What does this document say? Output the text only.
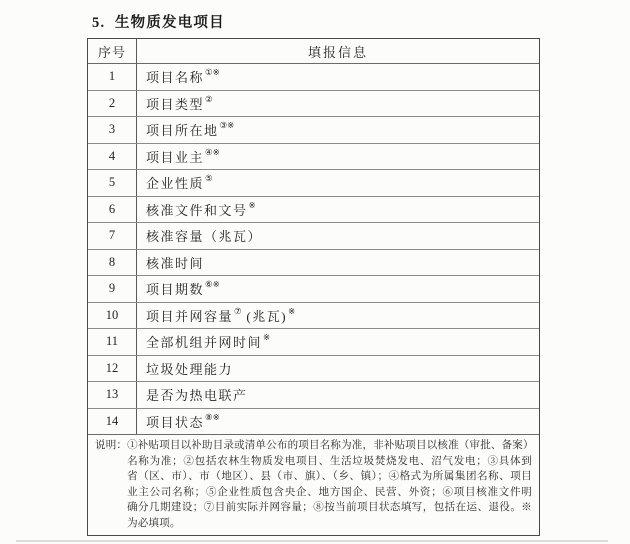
5.  生物质发电项目
序号	填报信息
1	项目名称①※
2	项目类型②
3	项目所在地③※
4	项目业主④※
5	企业性质⑤
6	核准文件和文号※
7	核准容量（兆瓦）
8	核准时间
9	项目期数⑥※
10	项目并网容量⑦ (兆瓦)※
11	全部机组并网时间※
12	垃圾处理能力
13	是否为热电联产
14	项目状态⑧※
说明： ①补贴项目以补助目录或清单公布的项目名称为准，非补贴项目以核准（审批、备案）
名称为准；②包括农林生物质发电项目、生活垃圾焚烧发电、沼气发电；③具体到
省（区、市）、市（地区）、县（市、旗）、（乡、镇）；④格式为所属集团名称、项目
业主公司名称；⑤企业性质包含央企、地方国企、民营、外资；⑥项目核准文件明
确分几期建设；⑦目前实际并网容量；⑧按当前项目状态填写，包括在运、退役。※
为必填项。
